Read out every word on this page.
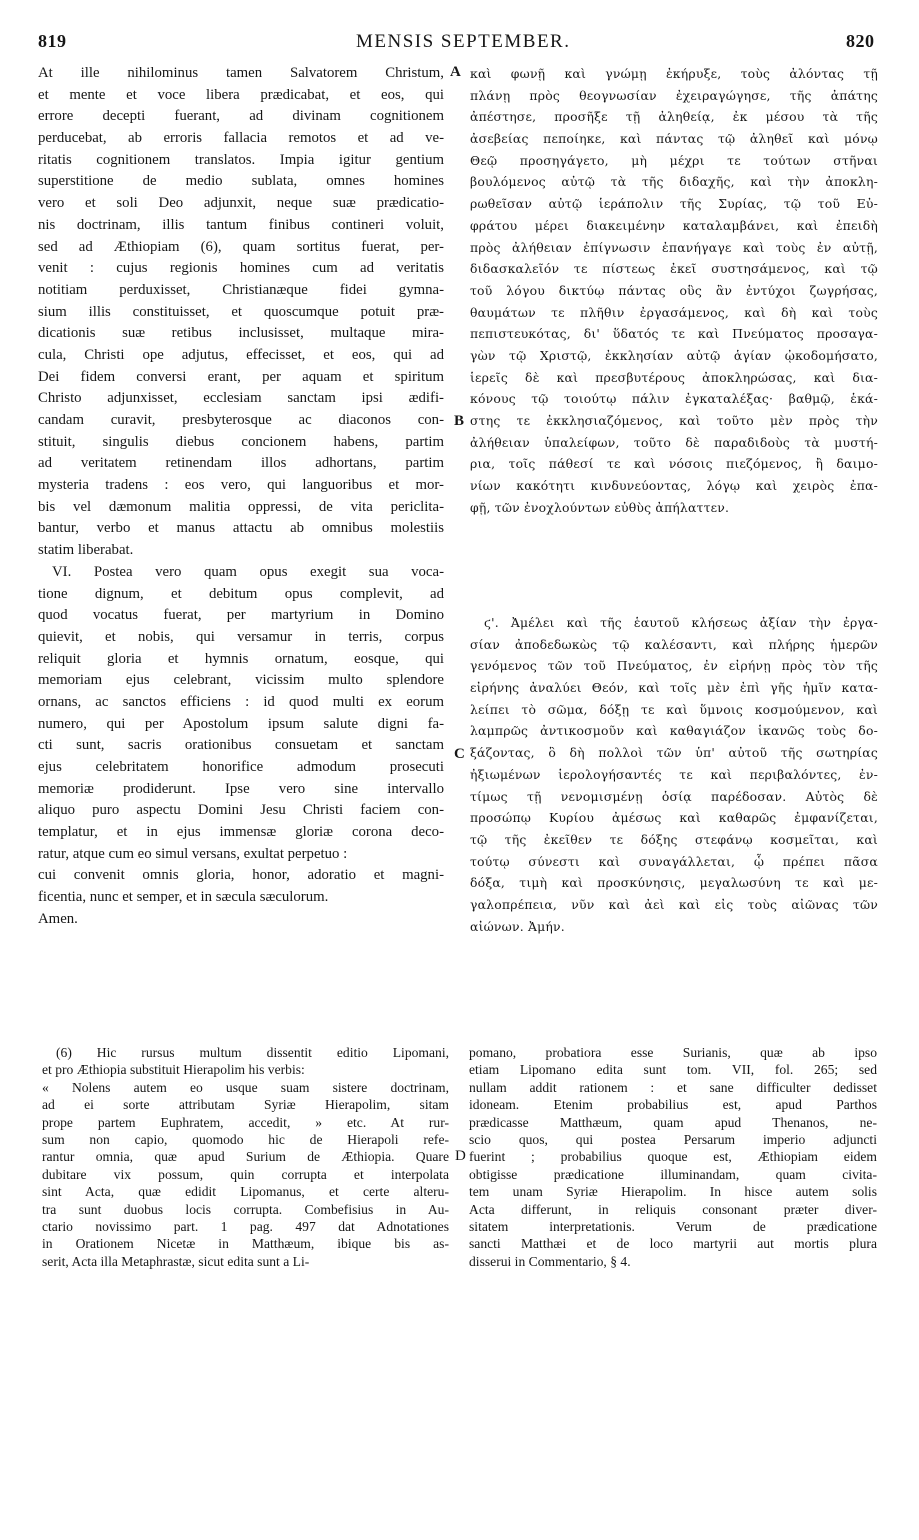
819	MENSIS SEPTEMBER.	820
At ille nihilominus tamen Salvatorem Christum,
et mente et voce libera prædicabat, et eos, qui
errore decepti fuerant, ad divinam cognitionem
perducebat, ab erroris fallacia remotos et ad ve-
ritatis cognitionem translatos. Impia igitur gentium
superstitione de medio sublata, omnes homines
vero et soli Deo adjunxit, neque suæ prædicatio-
nis doctrinam, illis tantum finibus contineri voluit,
sed ad Æthiopiam (6), quam sortitus fuerat, per-
venit : cujus regionis homines cum ad veritatis
notitiam perduxisset, Christianæque fidei gymna-
sium illis constituisset, et quoscumque potuit præ-
dicationis suæ retibus inclusisset, multaque mira-
cula, Christi ope adjutus, effecisset, et eos, qui ad
Dei fidem conversi erant, per aquam et spiritum
Christo adjunxisset, ecclesiam sanctam ipsi ædifi-
candam curavit, presbyterosque ac diaconos con-
stituit, singulis diebus concionem habens, partim
ad veritatem retinendam illos adhortans, partim
mysteria tradens : eos vero, qui languoribus et mor-
bis vel dæmonum malitia oppressi, de vita periclita-
bantur, verbo et manus attactu ab omnibus molestiis
statim liberabat.
VI. Postea vero quam opus exegit sua voca-
tione dignum, et debitum opus complevit, ad
quod vocatus fuerat, per martyrium in Domino
quievit, et nobis, qui versamur in terris, corpus
reliquit gloria et hymnis ornatum, eosque, qui
memoriam ejus celebrant, vicissim multo splendore
ornans, ac sanctos efficiens : id quod multi ex eorum
numero, qui per Apostolum ipsum salute digni fa-
cti sunt, sacris orationibus consuetam et sanctam
ejus celebritatem honorifice admodum prosecuti
memoriæ prodiderunt. Ipse vero sine intervallo
aliquo puro aspectu Domini Jesu Christi faciem con-
templatur, et in ejus immensæ gloriæ corona deco-
ratur, atque cum eo simul versans, exultat perpetuo :
cui convenit omnis gloria, honor, adoratio et magni-
ficentia, nunc et semper, et in sæcula sæculorum.
Amen.
καὶ φωνῇ καὶ γνώμῃ ἐκήρυξε, τοὺς ἀλόντας τῇ
πλάνῃ πρὸς θεογνωσίαν ἐχειραγώγησε, τῆς ἀπάτης
ἀπέστησε, προσῆξε τῇ ἀληθείᾳ, ἐκ μέσου τὰ τῆς
ἀσεβείας πεποίηκε, καὶ πάντας τῷ ἀληθεῖ καὶ μόνῳ
Θεῷ προσηγάγετο, μὴ μέχρι τε τούτων στῆναι
βουλόμενος αὐτῷ τὰ τῆς διδαχῆς, καὶ τὴν ἀποκλη-
ρωθεῖσαν αὐτῷ ἱεράπολιν τῆς Συρίας, τῷ τοῦ Εὐ-
φράτου μέρει διακειμένην καταλαμβάνει, καὶ ἐπειδὴ
πρὸς ἀλήθειαν ἐπίγνωσιν ἐπανήγαγε καὶ τοὺς ἐν αὐτῇ,
διδασκαλεῖόν τε πίστεως ἐκεῖ συστησάμενος, καὶ τῷ
τοῦ λόγου δικτύῳ πάντας οὓς ἂν ἐντύχοι ζωγρήσας,
θαυμάτων τε πλῆθιν ἐργασάμενος, καὶ δὴ καὶ τοὺς
πεπιστευκότας, δι' ὕδατός τε καὶ Πνεύματος προσαγα-
γὼν τῷ Χριστῷ, ἐκκλησίαν αὐτῷ ἁγίαν ᾠκοδομήσατο,
ἱερεῖς δὲ καὶ πρεσβυτέρους ἀποκληρώσας, καὶ δια-
κόνους τῷ τοιούτῳ πάλιν ἐγκαταλέξας· βαθμῷ, ἑκά-
στης τε ἐκκλησιαζόμενος, καὶ τοῦτο μὲν πρὸς τὴν
ἀλήθειαν ὑπαλείφων, τοῦτο δὲ παραδιδοὺς τὰ μυστή-
ρια, τοῖς πάθεσί τε καὶ νόσοις πιεζόμενος, ἢ δαιμο-
νίων κακότητι κινδυνεύοντας, λόγῳ καὶ χειρὸς ἐπα-
φῇ, τῶν ἐνοχλούντων εὐθὺς ἀπήλαττεν.
ϛ'. Ἀμέλει καὶ τῆς ἑαυτοῦ κλήσεως ἀξίαν τὴν ἐργα-
σίαν ἀποδεδωκὼς τῷ καλέσαντι, καὶ πλήρης ἡμερῶν
γενόμενος τῶν τοῦ Πνεύματος, ἐν εἰρήνῃ πρὸς τὸν τῆς
εἰρήνης ἀναλύει Θεόν, καὶ τοῖς μὲν ἐπὶ γῆς ἡμῖν κατα-
λείπει τὸ σῶμα, δόξῃ τε καὶ ὕμνοις κοσμούμενον, καὶ
λαμπρῶς ἀντικοσμοῦν καὶ καθαγιάζον ἱκανῶς τοὺς δο-
ξάζοντας, ὃ δὴ πολλοὶ τῶν ὑπ' αὐτοῦ τῆς σωτηρίας
ἠξιωμένων ἱερολογήσαντές τε καὶ περιβαλόντες, ἐν-
τίμως τῇ νενομισμένῃ ὁσίᾳ παρέδοσαν. Αὐτὸς δὲ
προσώπῳ Κυρίου ἀμέσως καὶ καθαρῶς ἐμφανίζεται,
τῷ τῆς ἐκεῖθεν τε δόξης στεφάνῳ κοσμεῖται, καὶ
τούτῳ σύνεστι καὶ συναγάλλεται, ᾧ πρέπει πᾶσα
δόξα, τιμὴ καὶ προσκύνησις, μεγαλωσύνη τε καὶ με-
γαλοπρέπεια, νῦν καὶ ἀεὶ καὶ εἰς τοὺς αἰῶνας τῶν
αἰώνων. Ἀμήν.
A
B
C
D
(6) Hic rursus multum dissentit editio Lipomani,
et pro Æthiopia substituit Hierapolim his verbis:
« Nolens autem eo usque suam sistere doctrinam,
ad ei sorte attributam Syriæ Hierapolim, sitam
prope partem Euphratem, accedit, » etc. At rur-
sum non capio, quomodo hic de Hierapoli refe-
rantur omnia, quæ apud Surium de Æthiopia. Quare
dubitare vix possum, quin corrupta et interpolata
sint Acta, quæ edidit Lipomanus, et certe alteru-
tra sunt duobus locis corrupta. Combefisius in Au-
ctario novissimo part. 1 pag. 497 dat Adnotationes
in Orationem Nicetæ in Matthæum, ibique bis as-
serit, Acta illa Metaphrastæ, sicut edita sunt a Li-
pomano, probatiora esse Surianis, quæ ab ipso
etiam Lipomano edita sunt tom. VII, fol. 265; sed
nullam addit rationem : et sane difficulter dedisset
idoneam. Etenim probabilius est, apud Parthos
prædicasse Matthæum, quam apud Thenanos, ne-
scio quos, qui postea Persarum imperio adjuncti
fuerint ; probabilius quoque est, Æthiopiam eidem
obtigisse prædicatione illuminandam, quam civita-
tem unam Syriæ Hierapolim. In hisce autem solis
Acta differunt, in reliquis consonant præter diver-
sitatem interpretationis. Verum de prædicatione
sancti Matthæi et de loco martyrii aut mortis plura
disserui in Commentario, § 4.
